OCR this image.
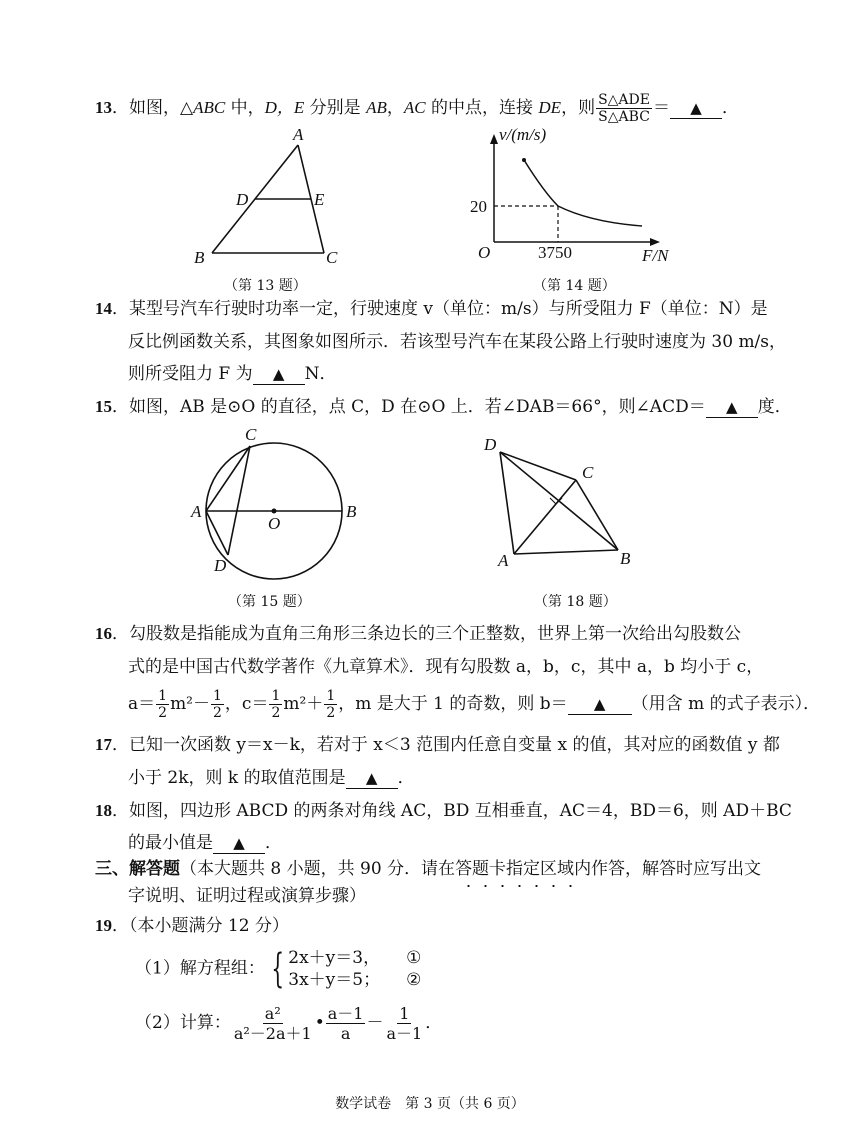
13．如图，△ABC 中，D，E 分别是 AB，AC 的中点，连接 DE，则 $\frac{\text{S△ADE}}{\text{S△ABC}}$ ＝ ▲ ．
A
B	C
D	E
（第 13 题）
v/(m/s)
O
20
3750	F/N
（第 14 题）
14．某型号汽车行驶时功率一定，行驶速度 v（单位：m/s）与所受阻力 F（单位：N）是
反比例函数关系，其图象如图所示．若该型号汽车在某段公路上行驶时速度为 30 m/s，
则所受阻力 F 为 ▲ N．
15．如图，AB 是⊙O 的直径，点 C，D 在⊙O 上．若∠DAB＝66°，则∠ACD＝ ▲ 度．
C
A	B
O
D
（第 15 题）
D
C
A	B
（第 18 题）
16．勾股数是指能成为直角三角形三条边长的三个正整数，世界上第一次给出勾股数公
式的是中国古代数学著作《九章算术》．现有勾股数 a，b，c，其中 a，b 均小于 c，
$a= \frac{1}{2} m^2- \frac{1}{2}$ ，$c= \frac{1}{2} m^2+ \frac{1}{2}$ ，m 是大于 1 的奇数，则 b＝ ▲ （用含 m 的式子表示）．
17．已知一次函数 y＝x－k，若对于 x＜3 范围内任意自变量 x 的值，其对应的函数值 y 都
小于 2k，则 k 的取值范围是 ▲ ．
18．如图，四边形 ABCD 的两条对角线 AC，BD 互相垂直，AC＝4，BD＝6，则 AD＋BC
的最小值是 ▲ ．
三、解答题（本大题共 8 小题，共 90 分．请在答题卡指定区域内作答，解答时应写出文
字说明、证明过程或演算步骤）
19．（本小题满分 12 分）
（1）解方程组： { 2x＋y＝3， ①
3x＋y＝5； ②
（2）计算： $\frac{\text{a²}}{\text{a²－2a＋1}}$ • $\frac{a-1}{a} - \frac{1}{a-1}$ ．
数学试卷　第 3 页（共 6 页）
